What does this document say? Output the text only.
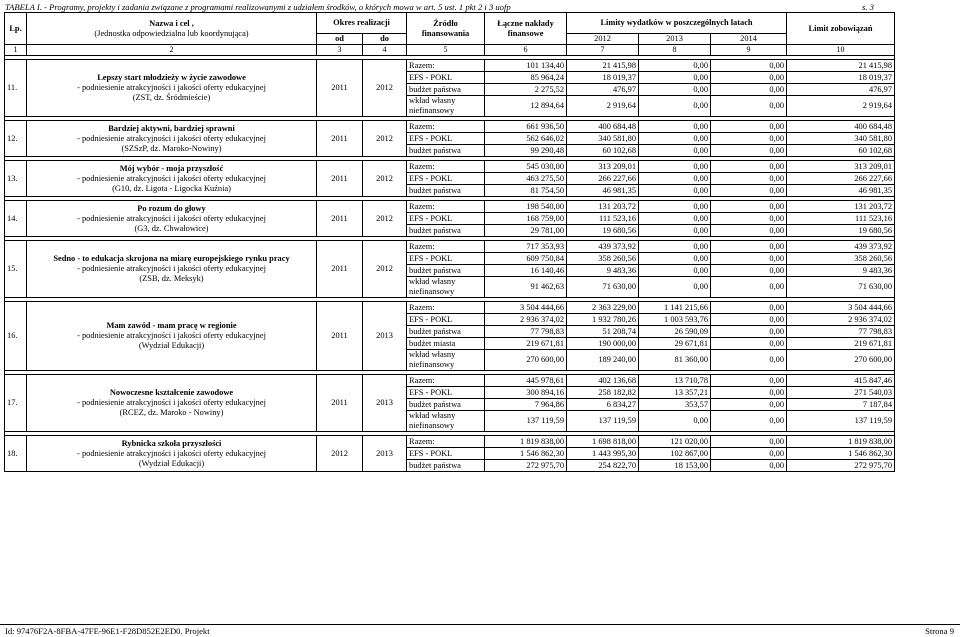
TABELA I. - Programy, projekty i zadania związane z programami realizowanymi z udziałem środków, o których mowa w art. 5 ust. 1 pkt 2 i 3 uofp	s. 3
Lp.	Nazwa i cel ,
(Jednostka odpowiedzialna lub koordynująca)	Okres realizacji		Źródło finansowania	Łączne nakłady finansowe	Limity wydatków w poszczególnych latach			Limit zobowiązań
		od	do			2012	2013	2014	

1	2	3	4	5	6	7	8	9	10

11.	Lepszy start młodzieży w życie zawodowe
- podniesienie atrakcyjności i jakości oferty edukacyjnej
(ZST, dz. Śródmieście)	2011	2012	Razem:	101 134,40	21 415,98	0,00	0,00	21 415,98
				EFS - POKL	85 964,24	18 019,37	0,00	0,00	18 019,37
				budżet państwa	2 275,52	476,97	0,00	0,00	476,97
				wkład własny niefinansowy	12 894,64	2 919,64	0,00	0,00	2 919,64

12.	Bardziej aktywni, bardziej sprawni
- podniesienie atrakcyjności i jakości oferty edukacyjnej
(SZSzP, dz. Maroko-Nowiny)	2011	2012	Razem:	661 936,50	400 684,48	0,00	0,00	400 684,48
				EFS - POKL	562 646,02	340 581,80	0,00	0,00	340 581,80
				budżet państwa	99 290,48	60 102,68	0,00	0,00	60 102,68

13.	Mój wybór - moja przyszłość
- podniesienie atrakcyjności i jakości oferty edukacyjnej
(G10, dz. Ligota - Ligocka Kuźnia)	2011	2012	Razem:	545 030,00	313 209,01	0,00	0,00	313 209,01
				EFS - POKL	463 275,50	266 227,66	0,00	0,00	266 227,66
				budżet państwa	81 754,50	46 981,35	0,00	0,00	46 981,35

14.	Po rozum do głowy
- podniesienie atrakcyjności i jakości oferty edukacyjnej
(G3, dz. Chwałowice)	2011	2012	Razem:	198 540,00	131 203,72	0,00	0,00	131 203,72
				EFS - POKL	168 759,00	111 523,16	0,00	0,00	111 523,16
				budżet państwa	29 781,00	19 680,56	0,00	0,00	19 680,56

15.	Sedno - to edukacja skrojona na miarę europejskiego rynku pracy
- podniesienie atrakcyjności i jakości oferty edukacyjnej
(ZSB, dz. Meksyk)	2011	2012	Razem:	717 353,93	439 373,92	0,00	0,00	439 373,92
				EFS - POKL	609 750,84	358 260,56	0,00	0,00	358 260,56
				budżet państwa	16 140,46	9 483,36	0,00	0,00	9 483,36
				wkład własny niefinansowy	91 462,63	71 630,00	0,00	0,00	71 630,00

16.	Mam zawód - mam pracę w regionie
- podniesienie atrakcyjności i jakości oferty edukacyjnej
(Wydział Edukacji)	2011	2013	Razem:	3 504 444,66	2 363 229,00	1 141 215,66	0,00	3 504 444,66
				EFS - POKL	2 936 374,02	1 932 780,26	1 003 593,76	0,00	2 936 374,02
				budżet państwa	77 798,83	51 208,74	26 590,09	0,00	77 798,83
				budżet miasta	219 671,81	190 000,00	29 671,81	0,00	219 671,81
				wkład własny niefinansowy	270 600,00	189 240,00	81 360,00	0,00	270 600,00

17.	Nowoczesne kształcenie zawodowe
- podniesienie atrakcyjności i jakości oferty edukacyjnej
(RCEZ, dz. Maroko - Nowiny)	2011	2013	Razem:	445 978,61	402 136,68	13 710,78	0,00	415 847,46
				EFS - POKL	300 894,16	258 182,82	13 357,21	0,00	271 540,03
				budżet państwa	7 964,86	6 834,27	353,57	0,00	7 187,84
				wkład własny niefinansowy	137 119,59	137 119,59	0,00	0,00	137 119,59

18.	Rybnicka szkoła przyszłości
- podniesienie atrakcyjności i jakości oferty edukacyjnej
(Wydział Edukacji)	2012	2013	Razem:	1 819 838,00	1 698 818,00	121 020,00	0,00	1 819 838,00
				EFS - POKL	1 546 862,30	1 443 995,30	102 867,00	0,00	1 546 862,30
				budżet państwa	272 975,70	254 822,70	18 153,00	0,00	272 975,70
Id: 97476F2A-8FBA-47FE-96E1-F28D852E2ED0. Projekt	Strona 9
